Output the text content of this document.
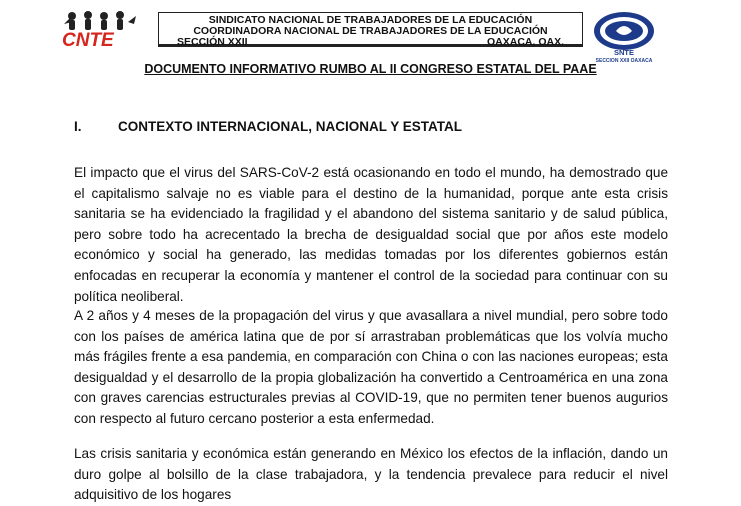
CNTE
SINDICATO NACIONAL DE TRABAJADORES DE LA EDUCACIÓN
COORDINADORA NACIONAL DE TRABAJADORES DE LA EDUCACIÓN
SECCIÓN XXII	OAXACA, OAX.
SNTE
SECCION XXII OAXACA
DOCUMENTO INFORMATIVO RUMBO AL II CONGRESO ESTATAL DEL PAAE
I.	CONTEXTO INTERNACIONAL, NACIONAL Y ESTATAL

El impacto que el virus del SARS-CoV-2 está ocasionando en todo el mundo, ha demostrado que el capitalismo salvaje no es viable para el destino de la humanidad, porque ante esta crisis sanitaria se ha evidenciado la fragilidad y el abandono del sistema sanitario y de salud pública, pero sobre todo ha acrecentado la brecha de desigualdad social que por años este modelo económico y social ha generado, las medidas tomadas por los diferentes gobiernos están enfocadas en recuperar la economía y mantener el control de la sociedad para continuar con su política neoliberal.

A 2 años y 4 meses de la propagación del virus y que avasallara a nivel mundial, pero sobre todo con los países de américa latina que de por sí arrastraban problemáticas que los volvía mucho más frágiles frente a esa pandemia, en comparación con China o con las naciones europeas; esta desigualdad y el desarrollo de la propia globalización ha convertido a Centroamérica en una zona con graves carencias estructurales previas al COVID-19, que no permiten tener buenos augurios con respecto al futuro cercano posterior a esta enfermedad.

Las crisis sanitaria y económica están generando en México los efectos de la inflación, dando un duro golpe al bolsillo de la clase trabajadora, y la tendencia prevalece para reducir el nivel adquisitivo de los hogares
